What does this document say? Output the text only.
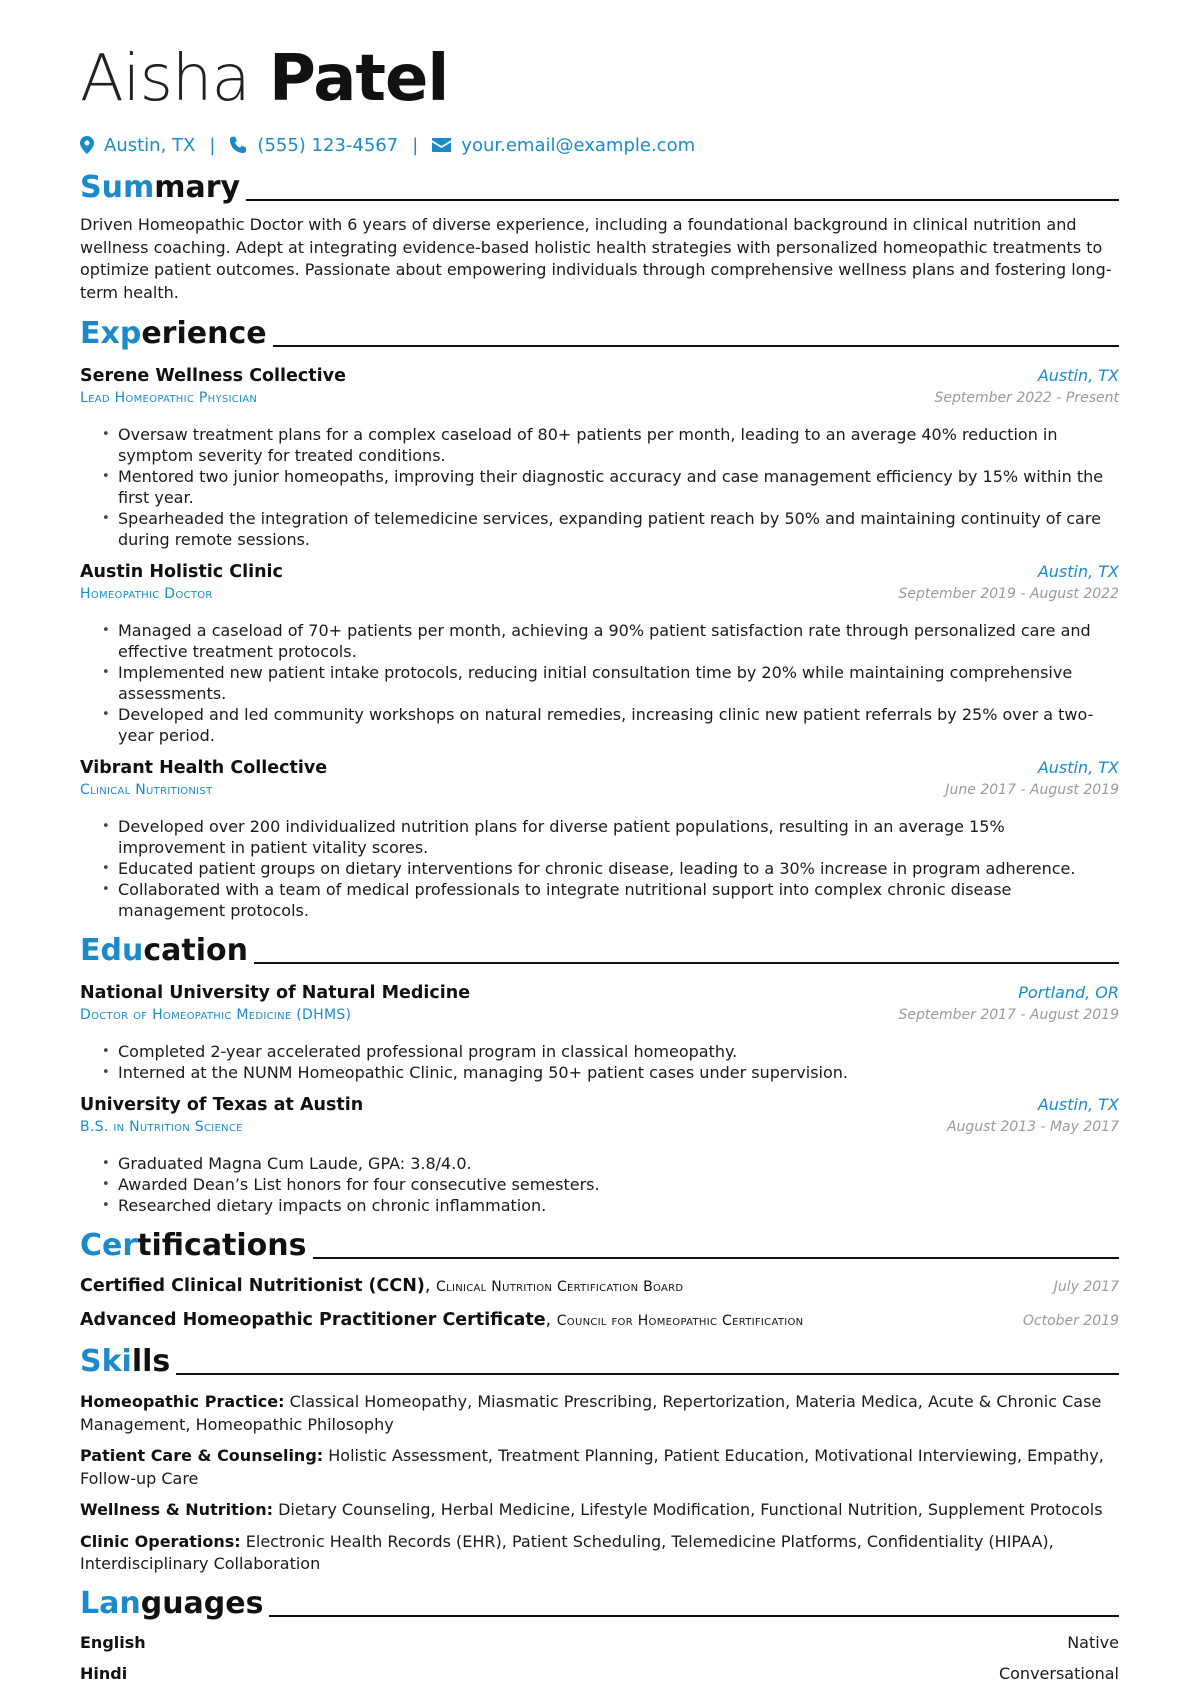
Aisha Patel
Austin, TX | (555) 123-4567 | your.email@example.com
Summary

Driven Homeopathic Doctor with 6 years of diverse experience, including a foundational background in clinical nutrition and wellness coaching. Adept at integrating evidence-based holistic health strategies with personalized homeopathic treatments to optimize patient outcomes. Passionate about empowering individuals through comprehensive wellness plans and fostering long-term health.

Experience
Serene Wellness Collective	Austin, TX
Lead Homeopathic Physician	September 2022 - Present
• Oversaw treatment plans for a complex caseload of 80+ patients per month, leading to an average 40% reduction in symptom severity for treated conditions.
• Mentored two junior homeopaths, improving their diagnostic accuracy and case management efficiency by 15% within the first year.
• Spearheaded the integration of telemedicine services, expanding patient reach by 50% and maintaining continuity of care during remote sessions.
Austin Holistic Clinic	Austin, TX
Homeopathic Doctor	September 2019 - August 2022
• Managed a caseload of 70+ patients per month, achieving a 90% patient satisfaction rate through personalized care and effective treatment protocols.
• Implemented new patient intake protocols, reducing initial consultation time by 20% while maintaining comprehensive assessments.
• Developed and led community workshops on natural remedies, increasing clinic new patient referrals by 25% over a two-year period.
Vibrant Health Collective	Austin, TX
Clinical Nutritionist	June 2017 - August 2019
• Developed over 200 individualized nutrition plans for diverse patient populations, resulting in an average 15% improvement in patient vitality scores.
• Educated patient groups on dietary interventions for chronic disease, leading to a 30% increase in program adherence.
• Collaborated with a team of medical professionals to integrate nutritional support into complex chronic disease management protocols.
Education
National University of Natural Medicine	Portland, OR
Doctor of Homeopathic Medicine (DHMS)	September 2017 - August 2019
• Completed 2-year accelerated professional program in classical homeopathy.
• Interned at the NUNM Homeopathic Clinic, managing 50+ patient cases under supervision.
University of Texas at Austin	Austin, TX
B.S. in Nutrition Science	August 2013 - May 2017
• Graduated Magna Cum Laude, GPA: 3.8/4.0.
• Awarded Dean’s List honors for four consecutive semesters.
• Researched dietary impacts on chronic inflammation.
Certifications
Certified Clinical Nutritionist (CCN), Clinical Nutrition Certification Board	July 2017
Advanced Homeopathic Practitioner Certificate, Council for Homeopathic Certification	October 2019
Skills

Homeopathic Practice: Classical Homeopathy, Miasmatic Prescribing, Repertorization, Materia Medica, Acute & Chronic Case Management, Homeopathic Philosophy

Patient Care & Counseling: Holistic Assessment, Treatment Planning, Patient Education, Motivational Interviewing, Empathy, Follow-up Care

Wellness & Nutrition: Dietary Counseling, Herbal Medicine, Lifestyle Modification, Functional Nutrition, Supplement Protocols

Clinic Operations: Electronic Health Records (EHR), Patient Scheduling, Telemedicine Platforms, Confidentiality (HIPAA), Interdisciplinary Collaboration

Languages
English	Native
Hindi	Conversational
